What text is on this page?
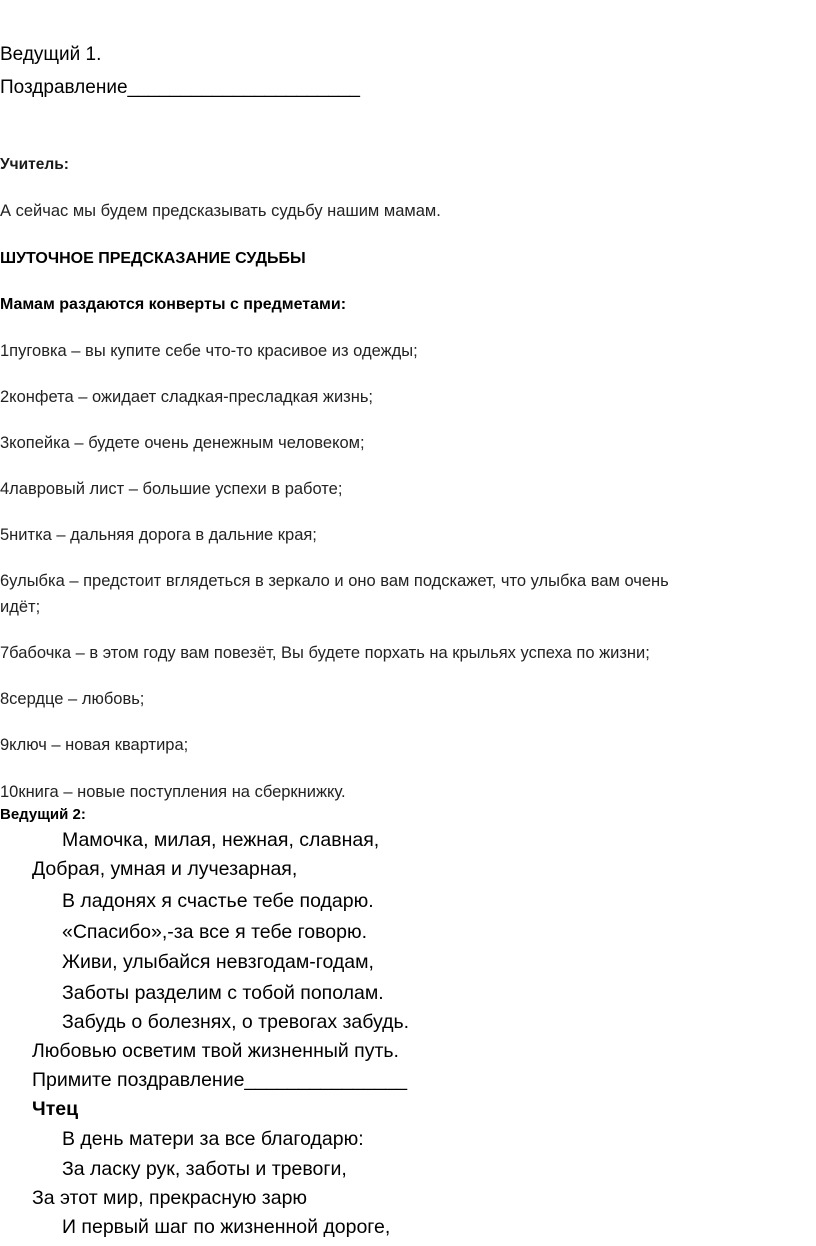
Ведущий 1.
Поздравление______________________
Учитель:
А сейчас мы будем предсказывать судьбу нашим мамам.
ШУТОЧНОЕ ПРЕДСКАЗАНИЕ СУДЬБЫ
Мамам раздаются конверты с предметами:
1пуговка – вы купите себе что-то красивое из одежды;
2конфета – ожидает сладкая-пресладкая жизнь;
3копейка – будете очень денежным человеком;
4лавровый лист – большие успехи в работе;
5нитка – дальняя дорога в дальние края;
6улыбка – предстоит вглядеться в зеркало и оно вам подскажет, что улыбка вам очень
идёт;
7бабочка – в этом году вам повезёт, Вы будете порхать на крыльях успеха по жизни;
8сердце – любовь;
9ключ – новая квартира;
10книга – новые поступления на сберкнижку.
Ведущий 2:
Мамочка, милая, нежная, славная,
Добрая, умная и лучезарная,
В ладонях я счастье тебе подарю.
«Спасибо»,-за все я тебе говорю.
Живи, улыбайся невзгодам-годам,
Заботы разделим с тобой пополам.
Забудь о болезнях, о тревогах забудь.
Любовью осветим твой жизненный путь.
Примите поздравление_______________
Чтец
В день матери за все благодарю:
За ласку рук, заботы и тревоги,
За этот мир, прекрасную зарю
И первый шаг по жизненной дороге,
